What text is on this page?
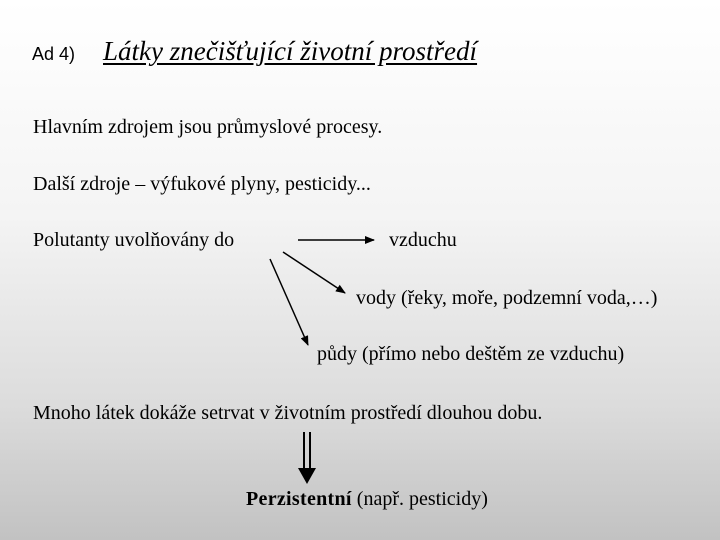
Ad 4) Látky znečišťující životní prostředí
Hlavním zdrojem jsou průmyslové procesy.
Další zdroje – výfukové plyny, pesticidy...
Polutanty uvolňovány do	vzduchu
vody (řeky, moře, podzemní voda,…)
půdy (přímo nebo deštěm ze vzduchu)
Mnoho látek dokáže setrvat v životním prostředí dlouhou dobu.
Perzistentní (např. pesticidy)
